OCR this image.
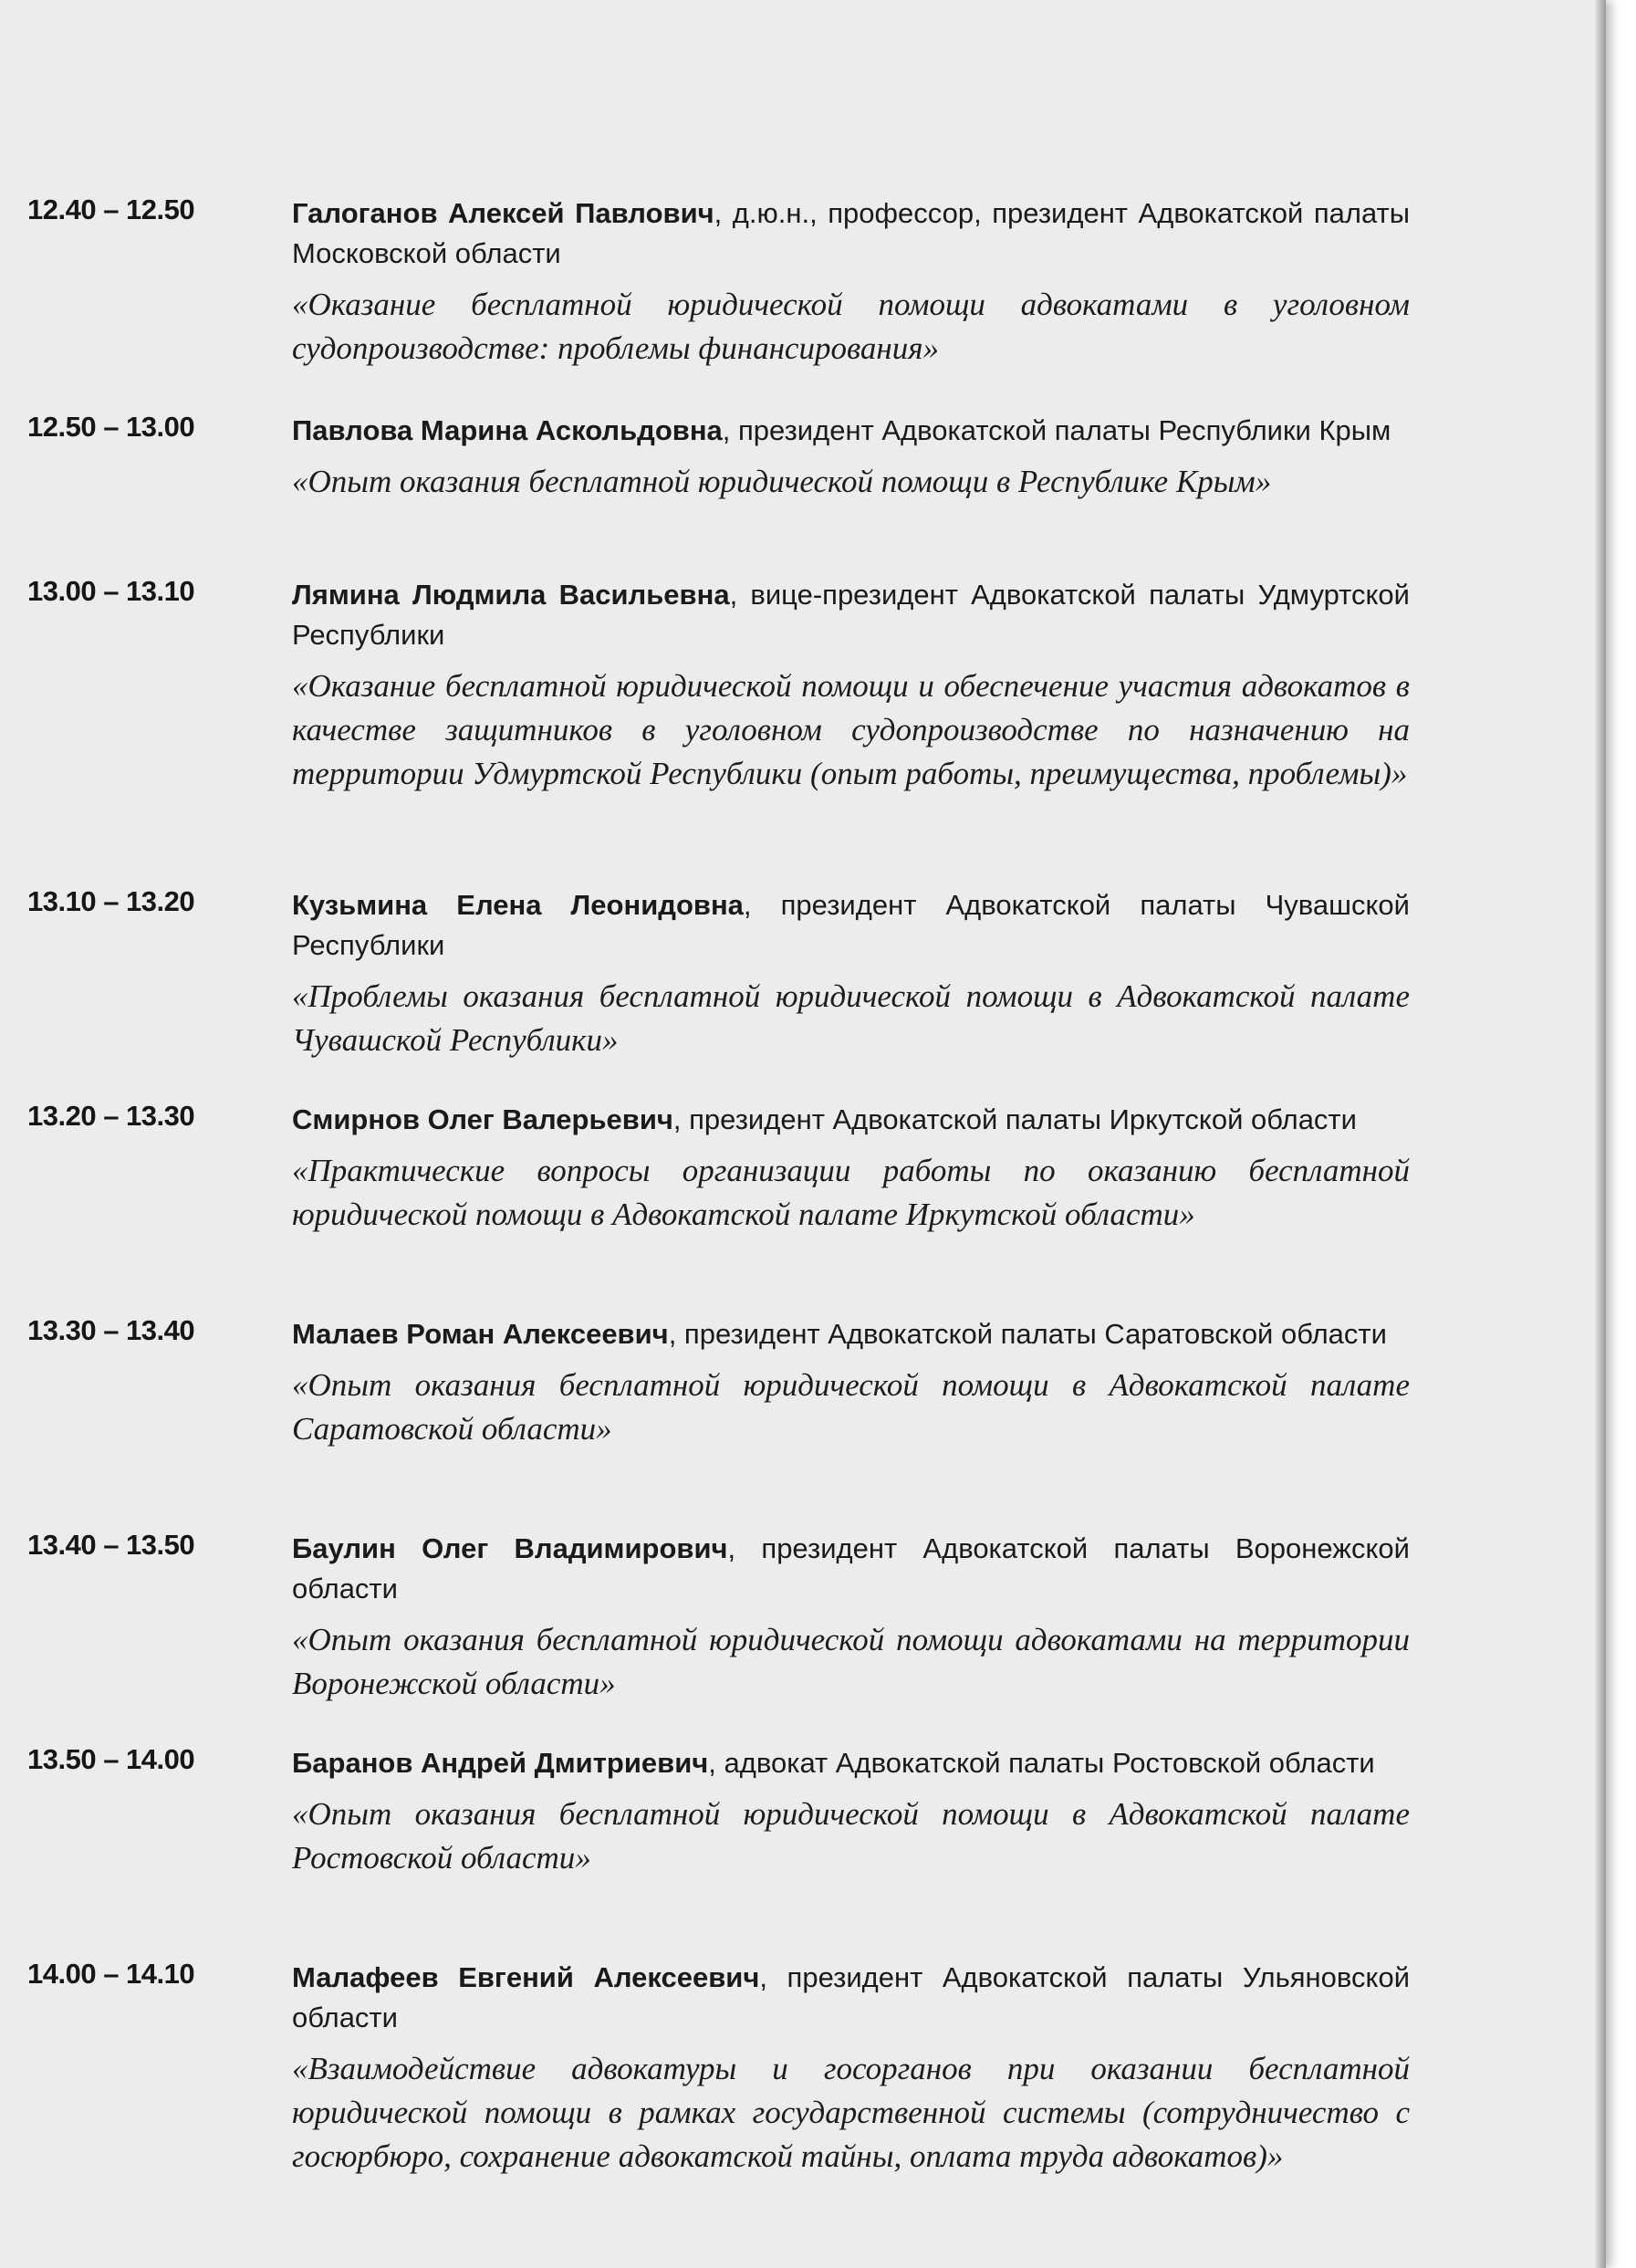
12.40 – 12.50	Галоганов Алексей Павлович, д.ю.н., профессор, президент Адвокатской палаты Московской области

«Оказание бесплатной юридической помощи адвокатами в уголовном судопроизводстве: проблемы финансирования»

12.50 – 13.00	Павлова Марина Аскольдовна, президент Адвокатской палаты Республики Крым

«Опыт оказания бесплатной юридической помощи в Республике Крым»

13.00 – 13.10	Лямина Людмила Васильевна, вице-президент Адвокатской палаты Удмуртской Республики

«Оказание бесплатной юридической помощи и обеспечение участия адвокатов в качестве защитников в уголовном судопроизводстве по назначению на территории Удмуртской Республики (опыт работы, преимущества, проблемы)»

13.10 – 13.20	Кузьмина Елена Леонидовна, президент Адвокатской палаты Чувашской Республики

«Проблемы оказания бесплатной юридической помощи в Адвокатской палате Чувашской Республики»

13.20 – 13.30	Смирнов Олег Валерьевич, президент Адвокатской палаты Иркутской области

«Практические вопросы организации работы по оказанию бесплатной юридической помощи в Адвокатской палате Иркутской области»

13.30 – 13.40	Малаев Роман Алексеевич, президент Адвокатской палаты Саратовской области

«Опыт оказания бесплатной юридической помощи в Адвокатской палате Саратовской области»

13.40 – 13.50	Баулин Олег Владимирович, президент Адвокатской палаты Воронежской области

«Опыт оказания бесплатной юридической помощи адвокатами на территории Воронежской области»

13.50 – 14.00	Баранов Андрей Дмитриевич, адвокат Адвокатской палаты Ростовской области

«Опыт оказания бесплатной юридической помощи в Адвокатской палате Ростовской области»

14.00 – 14.10	Малафеев Евгений Алексеевич, президент Адвокатской палаты Ульяновской области

«Взаимодействие адвокатуры и госорганов при оказании бесплатной юридической помощи в рамках государственной системы (сотрудничество с госюрбюро, сохранение адвокатской тайны, оплата труда адвокатов)»
